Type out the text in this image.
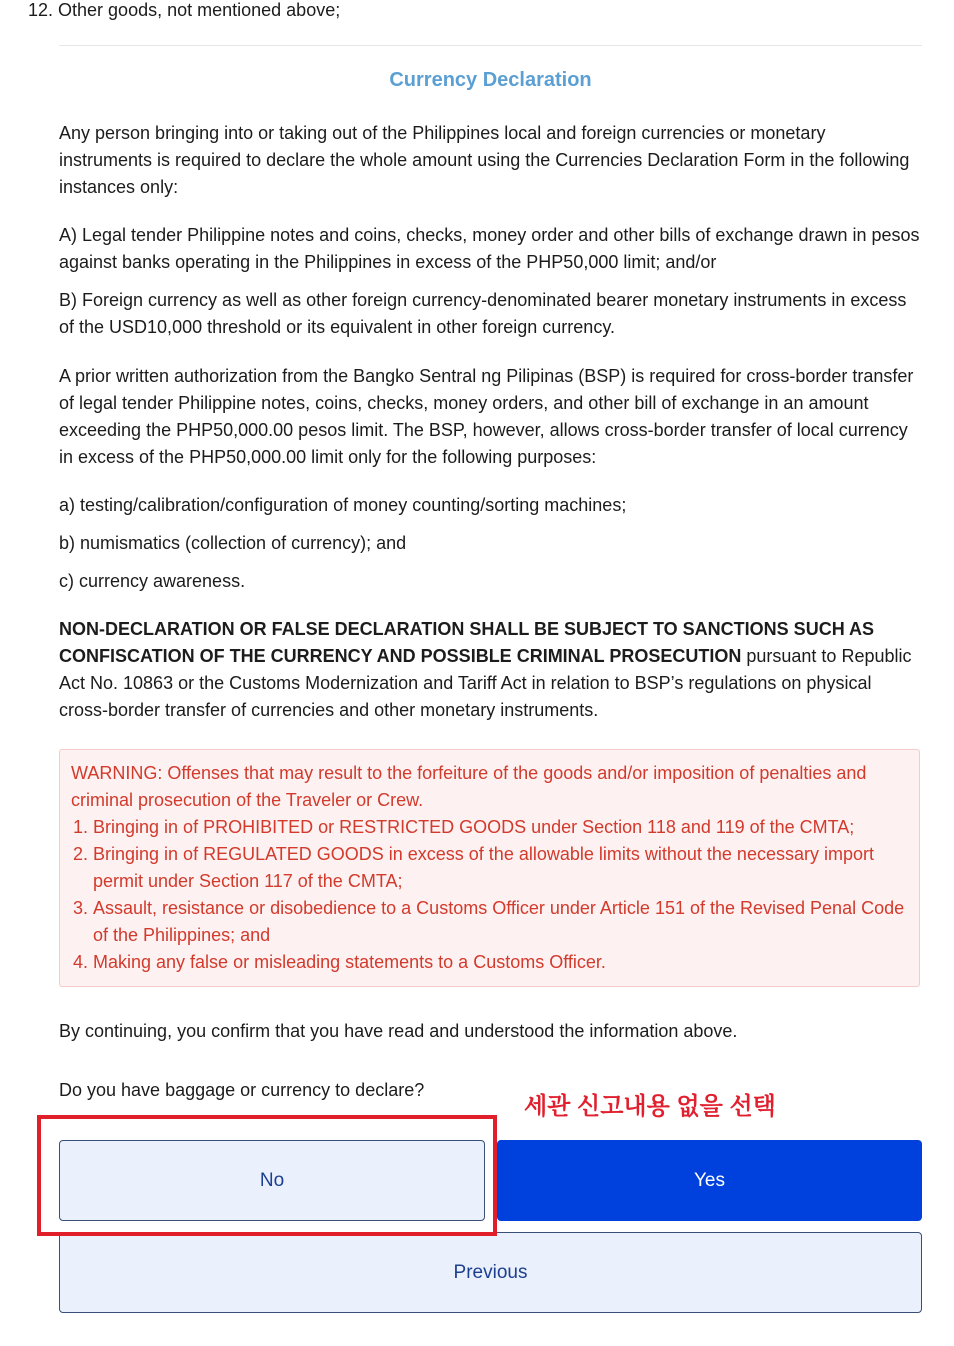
12. Other goods, not mentioned above;
Currency Declaration

Any person bringing into or taking out of the Philippines local and foreign currencies or monetary instruments is required to declare the whole amount using the Currencies Declaration Form in the following instances only:

A) Legal tender Philippine notes and coins, checks, money order and other bills of exchange drawn in pesos against banks operating in the Philippines in excess of the PHP50,000 limit; and/or

B) Foreign currency as well as other foreign currency-denominated bearer monetary instruments in excess of the USD10,000 threshold or its equivalent in other foreign currency.

A prior written authorization from the Bangko Sentral ng Pilipinas (BSP) is required for cross-border transfer of legal tender Philippine notes, coins, checks, money orders, and other bill of exchange in an amount exceeding the PHP50,000.00 pesos limit. The BSP, however, allows cross-border transfer of local currency in excess of the PHP50,000.00 limit only for the following purposes:

a) testing/calibration/configuration of money counting/sorting machines;
b) numismatics (collection of currency); and
c) currency awareness.

NON-DECLARATION OR FALSE DECLARATION SHALL BE SUBJECT TO SANCTIONS SUCH AS CONFISCATION OF THE CURRENCY AND POSSIBLE CRIMINAL PROSECUTION pursuant to Republic Act No. 10863 or the Customs Modernization and Tariff Act in relation to BSP’s regulations on physical cross-border transfer of currencies and other monetary instruments.

WARNING: Offenses that may result to the forfeiture of the goods and/or imposition of penalties and criminal prosecution of the Traveler or Crew.
1. Bringing in of PROHIBITED or RESTRICTED GOODS under Section 118 and 119 of the CMTA;
2. Bringing in of REGULATED GOODS in excess of the allowable limits without the necessary import permit under Section 117 of the CMTA;
3. Assault, resistance or disobedience to a Customs Officer under Article 151 of the Revised Penal Code of the Philippines; and
4. Making any false or misleading statements to a Customs Officer.

By continuing, you confirm that you have read and understood the information above.

Do you have baggage or currency to declare?

세관 신고내용 없을 선택
No	Yes
Previous
